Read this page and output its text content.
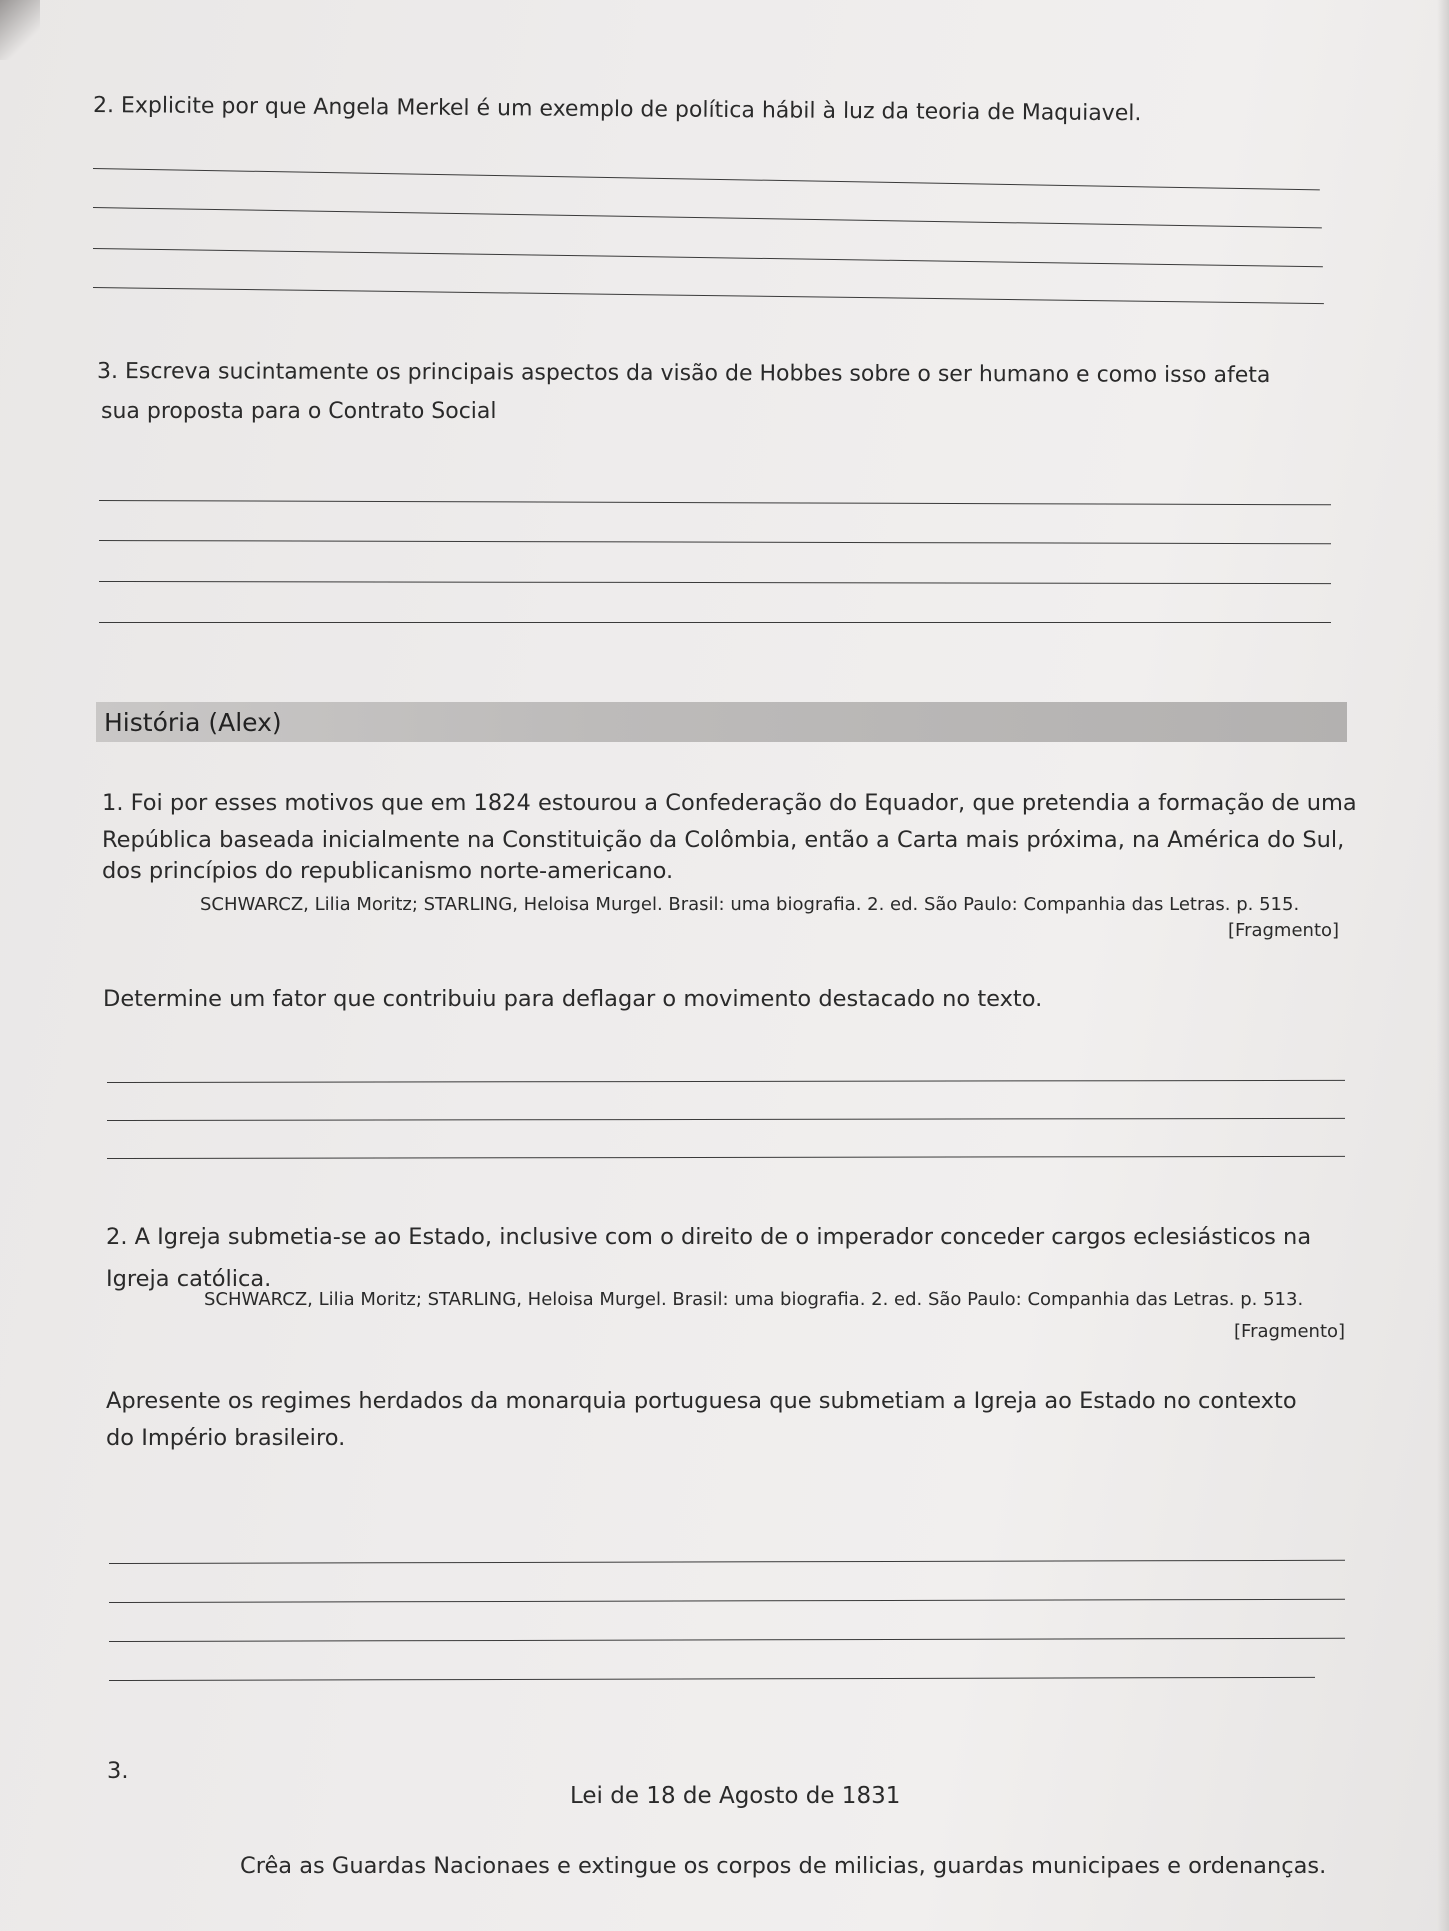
2. Explicite por que Angela Merkel é um exemplo de política hábil à luz da teoria de Maquiavel.
3. Escreva sucintamente os principais aspectos da visão de Hobbes sobre o ser humano e como isso afeta
sua proposta para o Contrato Social
História (Alex)
1. Foi por esses motivos que em 1824 estourou a Confederação do Equador, que pretendia a formação de uma
República baseada inicialmente na Constituição da Colômbia, então a Carta mais próxima, na América do Sul,
dos princípios do republicanismo norte-americano.
SCHWARCZ, Lilia Moritz; STARLING, Heloisa Murgel. Brasil: uma biografia. 2. ed. São Paulo: Companhia das Letras. p. 515.
[Fragmento]
Determine um fator que contribuiu para deflagar o movimento destacado no texto.
2. A Igreja submetia-se ao Estado, inclusive com o direito de o imperador conceder cargos eclesiásticos na
Igreja católica.
SCHWARCZ, Lilia Moritz; STARLING, Heloisa Murgel. Brasil: uma biografia. 2. ed. São Paulo: Companhia das Letras. p. 513.
[Fragmento]
Apresente os regimes herdados da monarquia portuguesa que submetiam a Igreja ao Estado no contexto
do Império brasileiro.
3.
Lei de 18 de Agosto de 1831
Crêa as Guardas Nacionaes e extingue os corpos de milicias, guardas municipaes e ordenanças.
